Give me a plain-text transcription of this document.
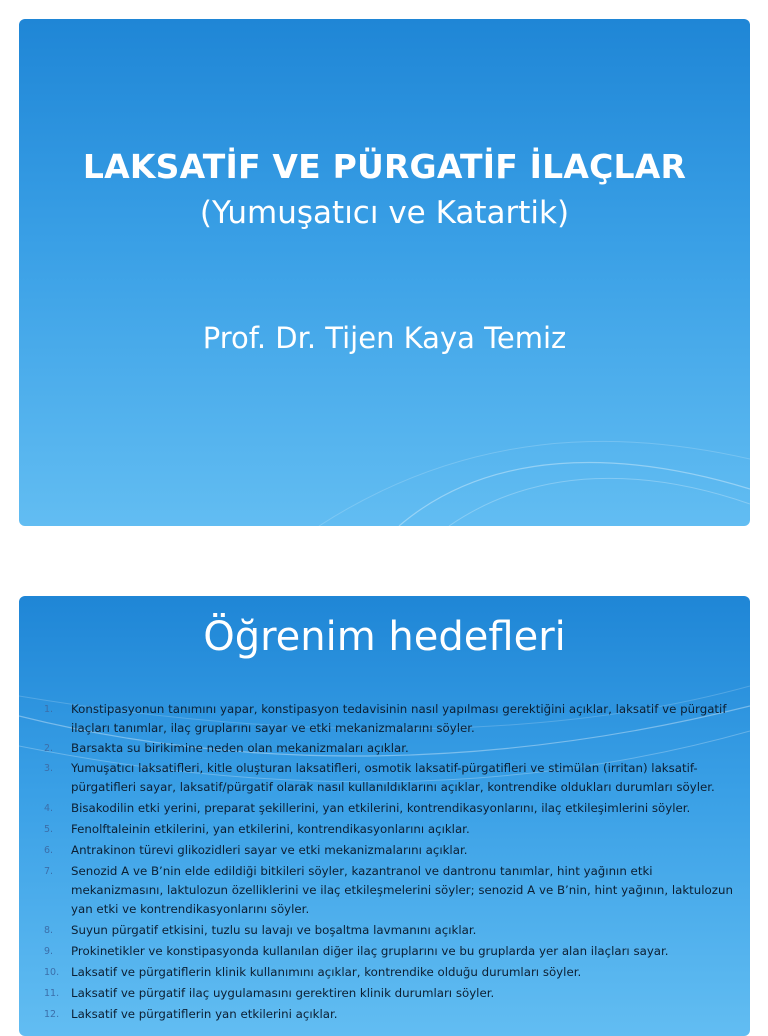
LAKSATİF VE PÜRGATİF İLAÇLAR
(Yumuşatıcı ve Katartik)
Prof. Dr. Tijen Kaya Temiz
Öğrenim hedefleri
1.	Konstipasyonun tanımını yapar, konstipasyon tedavisinin nasıl yapılması gerektiğini açıklar, laksatif ve pürgatif ilaçları tanımlar, ilaç gruplarını sayar ve etki mekanizmalarını söyler.
2.	Barsakta su birikimine neden olan mekanizmaları açıklar.
3.	Yumuşatıcı laksatifleri, kitle oluşturan laksatifleri, osmotik laksatif-pürgatifleri ve stimülan (irritan) laksatif-pürgatifleri sayar, laksatif/pürgatif olarak nasıl kullanıldıklarını açıklar, kontrendike oldukları durumları söyler.
4.	Bisakodilin etki yerini, preparat şekillerini, yan etkilerini, kontrendikasyonlarını, ilaç etkileşimlerini söyler.
5.	Fenolftaleinin etkilerini, yan etkilerini, kontrendikasyonlarını açıklar.
6.	Antrakinon türevi glikozidleri sayar ve etki mekanizmalarını açıklar.
7.	Senozid A ve B’nin elde edildiği bitkileri söyler, kazantranol ve dantronu tanımlar, hint yağının etki mekanizmasını, laktulozun özelliklerini ve ilaç etkileşmelerini söyler; senozid A ve B’nin, hint yağının, laktulozun yan etki ve kontrendikasyonlarını söyler.
8.	Suyun pürgatif etkisini, tuzlu su lavajı ve boşaltma lavmanını açıklar.
9.	Prokinetikler ve konstipasyonda kullanılan diğer ilaç gruplarını ve bu gruplarda yer alan ilaçları sayar.
10.	Laksatif ve pürgatiflerin klinik kullanımını açıklar, kontrendike olduğu durumları söyler.
11.	Laksatif ve pürgatif ilaç uygulamasını gerektiren klinik durumları söyler.
12.	Laksatif ve pürgatiflerin yan etkilerini açıklar.
